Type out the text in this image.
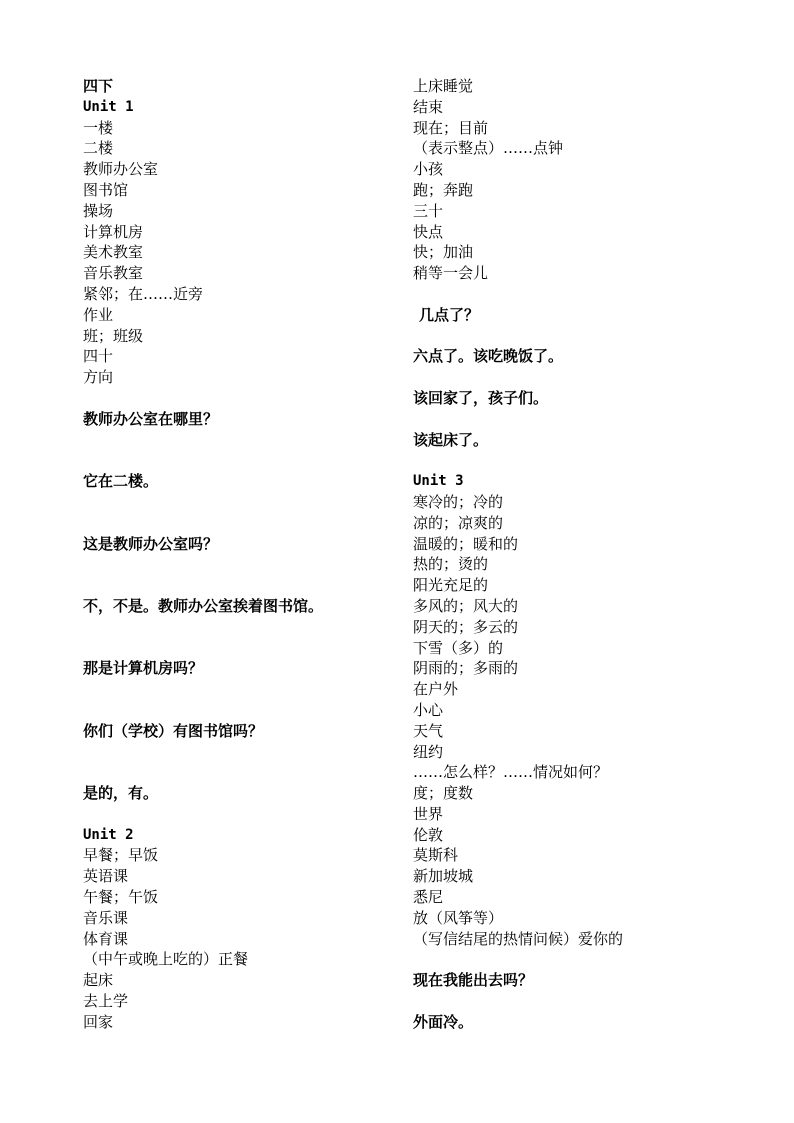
四下
Unit 1
一楼
二楼
教师办公室
图书馆
操场
计算机房
美术教室
音乐教室
紧邻；在……近旁
作业
班；班级
四十
方向
教师办公室在哪里？
它在二楼。
这是教师办公室吗？
不，不是。教师办公室挨着图书馆。
那是计算机房吗？
你们（学校）有图书馆吗？
是的，有。
Unit 2
早餐；早饭
英语课
午餐；午饭
音乐课
体育课
（中午或晚上吃的）正餐
起床
去上学
回家
上床睡觉
结束
现在；目前
（表示整点）……点钟
小孩
跑；奔跑
三十
快点
快；加油
稍等一会儿
几点了？
六点了。该吃晚饭了。
该回家了，孩子们。
该起床了。
Unit 3
寒冷的；冷的
凉的；凉爽的
温暖的；暖和的
热的；烫的
阳光充足的
多风的；风大的
阴天的；多云的
下雪（多）的
阴雨的；多雨的
在户外
小心
天气
纽约
……怎么样？……情况如何？
度；度数
世界
伦敦
莫斯科
新加坡城
悉尼
放（风筝等）
（写信结尾的热情问候）爱你的
现在我能出去吗？
外面冷。
